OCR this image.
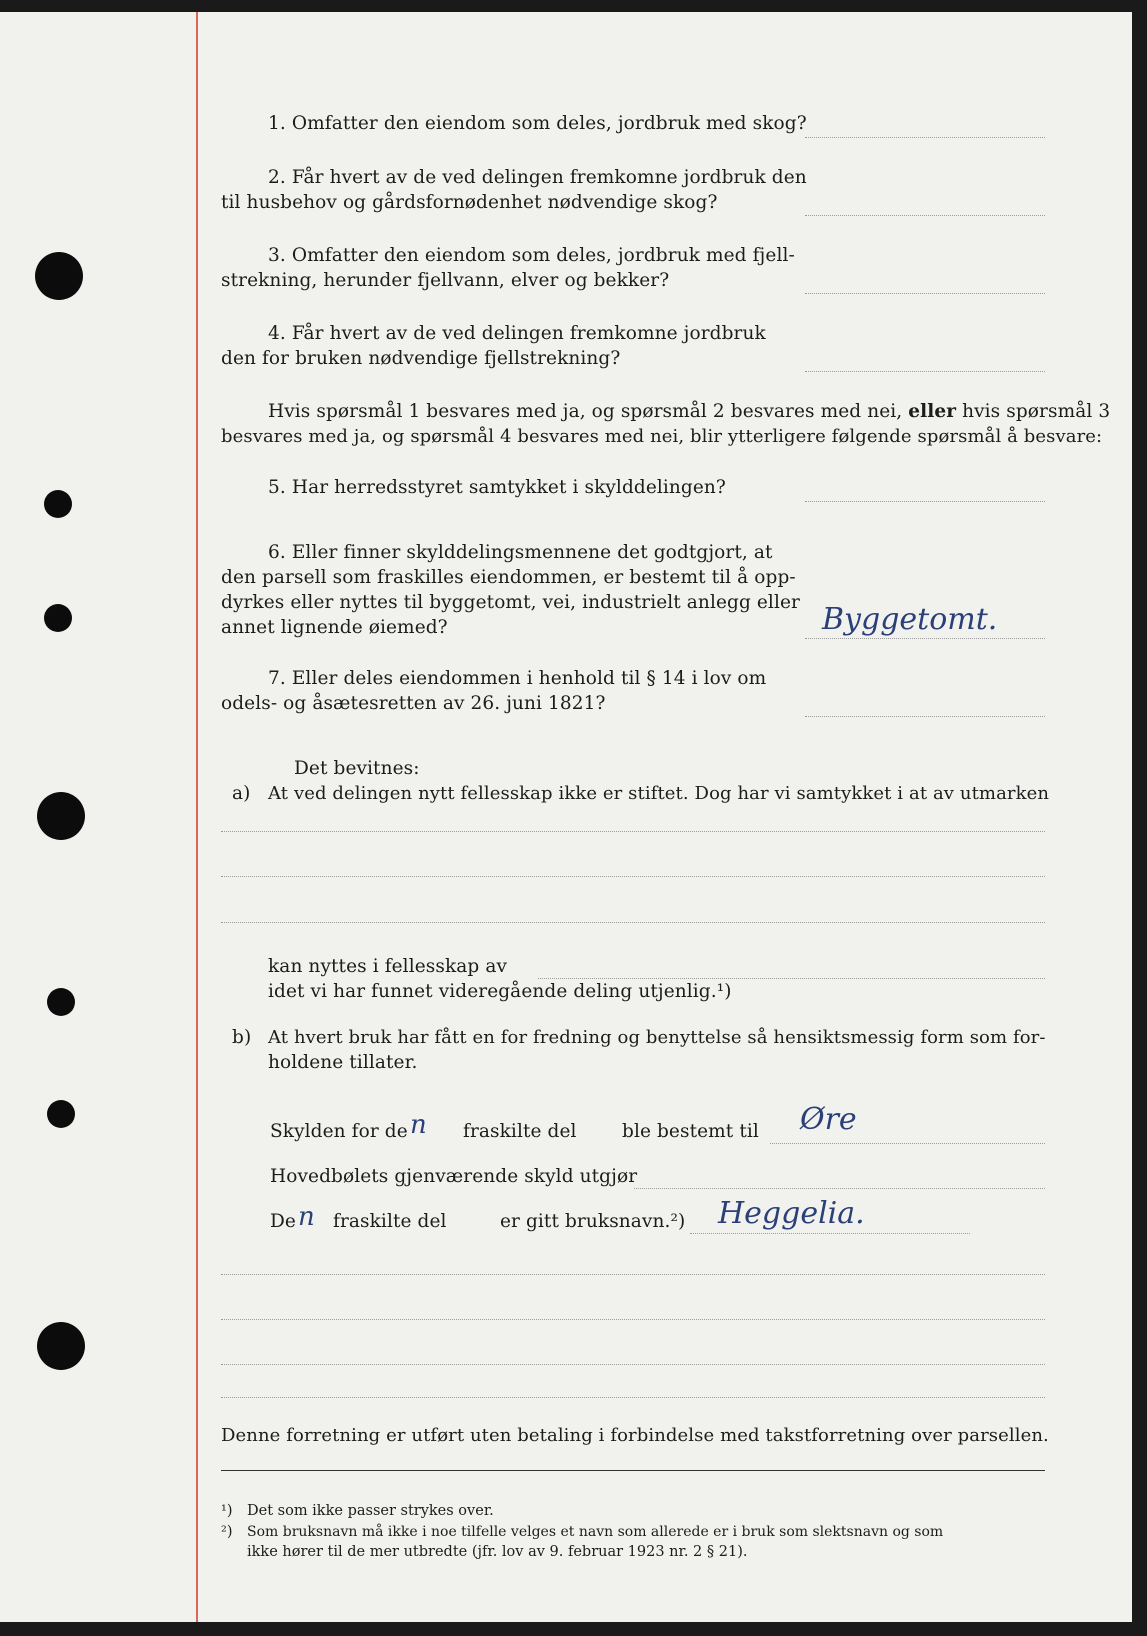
1. Omfatter den eiendom som deles, jordbruk med skog?
2. Får hvert av de ved delingen fremkomne jordbruk den
til husbehov og gårdsfornødenhet nødvendige skog?
3. Omfatter den eiendom som deles, jordbruk med fjell-
strekning, herunder fjellvann, elver og bekker?
4. Får hvert av de ved delingen fremkomne jordbruk
den for bruken nødvendige fjellstrekning?
Hvis spørsmål 1 besvares med ja, og spørsmål 2 besvares med nei, eller hvis spørsmål 3
besvares med ja, og spørsmål 4 besvares med nei, blir ytterligere følgende spørsmål å besvare:
5. Har herredsstyret samtykket i skylddelingen?
6. Eller finner skylddelingsmennene det godtgjort, at
den parsell som fraskilles eiendommen, er bestemt til å opp-
dyrkes eller nyttes til byggetomt, vei, industrielt anlegg eller
annet lignende øiemed?	Byggetomt.
7. Eller deles eiendommen i henhold til § 14 i lov om
odels- og åsætesretten av 26. juni 1821?
Det bevitnes:
a) At ved delingen nytt fellesskap ikke er stiftet. Dog har vi samtykket i at av utmarken
kan nyttes i fellesskap av
idet vi har funnet videregående deling utjenlig.¹)
b) At hvert bruk har fått en for fredning og benyttelse så hensiktsmessig form som for-
holdene tillater.
Skylden for de n fraskilte del ble bestemt til Øre
Hovedbølets gjenværende skyld utgjør
De n fraskilte del	er gitt bruksnavn.²) Heggelia.
Denne forretning er utført uten betaling i forbindelse med takstforretning over parsellen.
¹) Det som ikke passer strykes over.
²) Som bruksnavn må ikke i noe tilfelle velges et navn som allerede er i bruk som slektsnavn og som
ikke hører til de mer utbredte (jfr. lov av 9. februar 1923 nr. 2 § 21).
